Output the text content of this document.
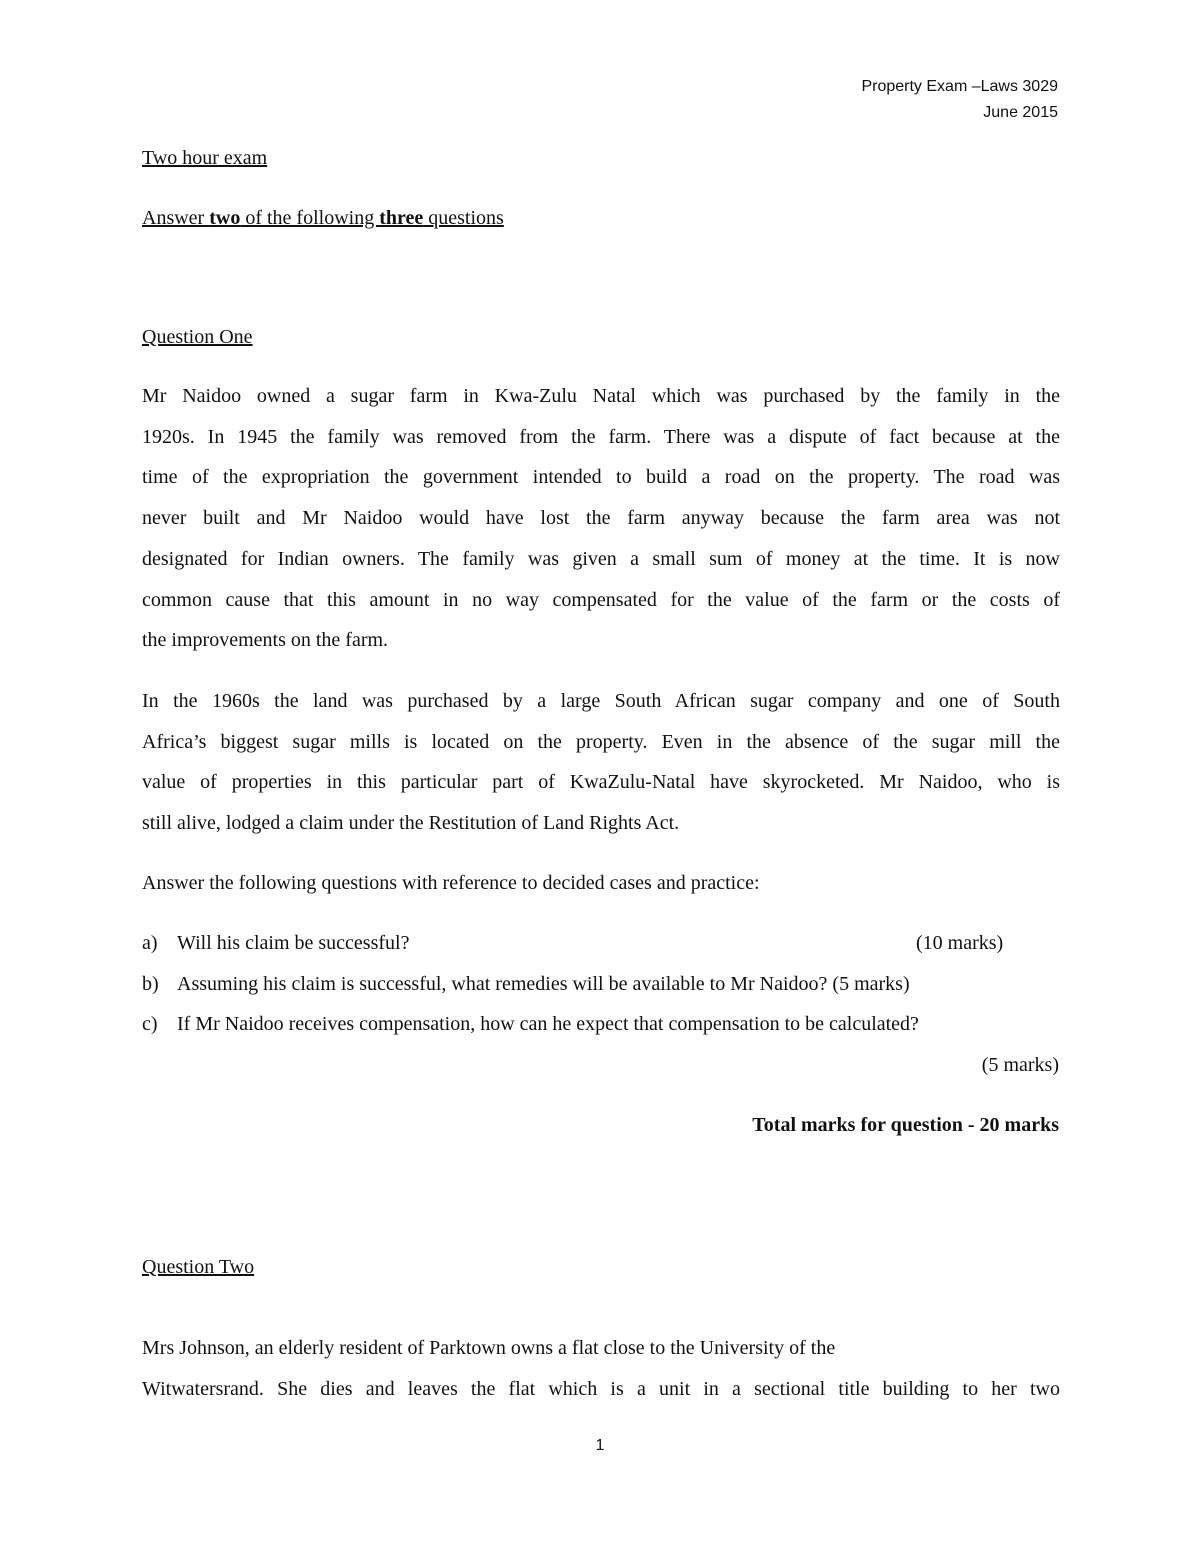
Property Exam –Laws 3029
June 2015
Two hour exam
Answer two of the following three questions
Question One
Mr Naidoo owned a sugar farm in Kwa-Zulu Natal which was purchased by the family in the
1920s. In 1945 the family was removed from the farm. There was a dispute of fact because at the
time of the expropriation the government intended to build a road on the property. The road was
never built and Mr Naidoo would have lost the farm anyway because the farm area was not
designated for Indian owners. The family was given a small sum of money at the time. It is now
common cause that this amount in no way compensated for the value of the farm or the costs of
the improvements on the farm.
In the 1960s the land was purchased by a large South African sugar company and one of South
Africa’s biggest sugar mills is located on the property. Even in the absence of the sugar mill the
value of properties in this particular part of KwaZulu-Natal have skyrocketed. Mr Naidoo, who is
still alive, lodged a claim under the Restitution of Land Rights Act.
Answer the following questions with reference to decided cases and practice:
a) Will his claim be successful?	(10 marks)
b) Assuming his claim is successful, what remedies will be available to Mr Naidoo? (5 marks)
c) If Mr Naidoo receives compensation, how can he expect that compensation to be calculated?
(5 marks)
Total marks for question - 20 marks
Question Two
Mrs Johnson, an elderly resident of Parktown owns a flat close to the University of the
Witwatersrand. She dies and leaves the flat which is a unit in a sectional title building to her two
1
